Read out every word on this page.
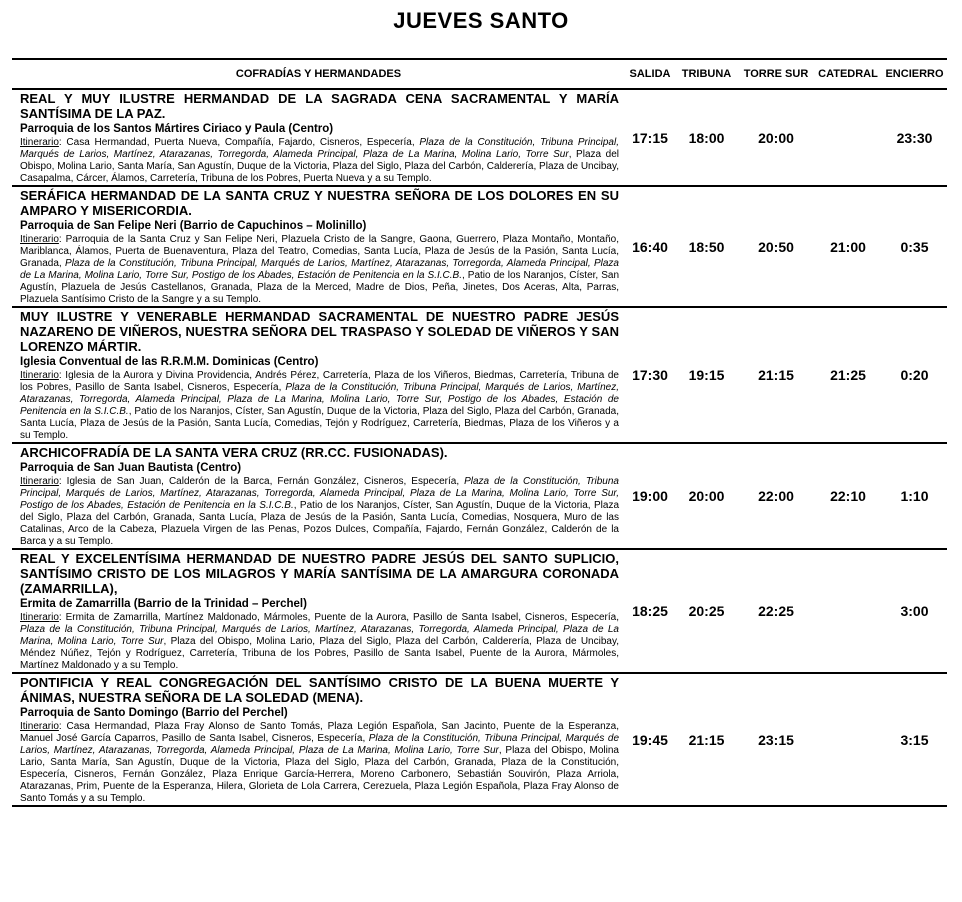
JUEVES SANTO
COFRADÍAS Y HERMANDADES	SALIDA	TRIBUNA	TORRE SUR	CATEDRAL	ENCIERRO

REAL Y MUY ILUSTRE HERMANDAD DE LA SAGRADA CENA SACRAMENTAL Y MARÍA SANTÍSIMA DE LA PAZ.
Parroquia de los Santos Mártires Ciriaco y Paula (Centro)
Itinerario: Casa Hermandad, Puerta Nueva, Compañía, Fajardo, Cisneros, Especería, Plaza de la Constitución, Tribuna Principal, Marqués de Larios, Martínez, Atarazanas, Torregorda, Alameda Principal, Plaza de La Marina, Molina Lario, Torre Sur, Plaza del Obispo, Molina Lario, Santa María, San Agustín, Duque de la Victoria, Plaza del Siglo, Plaza del Carbón, Calderería, Plaza de Uncibay, Casapalma, Cárcer, Álamos, Carretería, Tribuna de los Pobres, Puerta Nueva y a su Templo.	17:15	18:00	20:00		23:30

SERÁFICA HERMANDAD DE LA SANTA CRUZ Y NUESTRA SEÑORA DE LOS DOLORES EN SU AMPARO Y MISERICORDIA.
Parroquia de San Felipe Neri (Barrio de Capuchinos – Molinillo)
Itinerario: Parroquia de la Santa Cruz y San Felipe Neri, Plazuela Cristo de la Sangre, Gaona, Guerrero, Plaza Montaño, Montaño, Mariblanca, Álamos, Puerta de Buenaventura, Plaza del Teatro, Comedias, Santa Lucía, Plaza de Jesús de la Pasión, Santa Lucía, Granada, Plaza de la Constitución, Tribuna Principal, Marqués de Larios, Martínez, Atarazanas, Torregorda, Alameda Principal, Plaza de La Marina, Molina Lario, Torre Sur, Postigo de los Abades, Estación de Penitencia en la S.I.C.B., Patio de los Naranjos, Císter, San Agustín, Plazuela de Jesús Castellanos, Granada, Plaza de la Merced, Madre de Dios, Peña, Jinetes, Dos Aceras, Alta, Parras, Plazuela Santísimo Cristo de la Sangre y a su Templo.	16:40	18:50	20:50	21:00	0:35

MUY ILUSTRE Y VENERABLE HERMANDAD SACRAMENTAL DE NUESTRO PADRE JESÚS NAZARENO DE VIÑEROS, NUESTRA SEÑORA DEL TRASPASO Y SOLEDAD DE VIÑEROS Y SAN LORENZO MÁRTIR.
Iglesia Conventual de las R.R.M.M. Dominicas (Centro)
Itinerario: Iglesia de la Aurora y Divina Providencia, Andrés Pérez, Carretería, Plaza de los Viñeros, Biedmas, Carretería, Tribuna de los Pobres, Pasillo de Santa Isabel, Cisneros, Especería, Plaza de la Constitución, Tribuna Principal, Marqués de Larios, Martínez, Atarazanas, Torregorda, Alameda Principal, Plaza de La Marina, Molina Lario, Torre Sur, Postigo de los Abades, Estación de Penitencia en la S.I.C.B., Patio de los Naranjos, Císter, San Agustín, Duque de la Victoria, Plaza del Siglo, Plaza del Carbón, Granada, Santa Lucía, Plaza de Jesús de la Pasión, Santa Lucía, Comedias, Tejón y Rodríguez, Carretería, Biedmas, Plaza de los Viñeros y a su Templo.	17:30	19:15	21:15	21:25	0:20

ARCHICOFRADÍA DE LA SANTA VERA CRUZ (RR.CC. FUSIONADAS).
Parroquia de San Juan Bautista (Centro)
Itinerario: Iglesia de San Juan, Calderón de la Barca, Fernán González, Cisneros, Especería, Plaza de la Constitución, Tribuna Principal, Marqués de Larios, Martínez, Atarazanas, Torregorda, Alameda Principal, Plaza de La Marina, Molina Lario, Torre Sur, Postigo de los Abades, Estación de Penitencia en la S.I.C.B., Patio de los Naranjos, Císter, San Agustín, Duque de la Victoria, Plaza del Siglo, Plaza del Carbón, Granada, Santa Lucía, Plaza de Jesús de la Pasión, Santa Lucía, Comedias, Nosquera, Muro de las Catalinas, Arco de la Cabeza, Plazuela Virgen de las Penas, Pozos Dulces, Compañía, Fajardo, Fernán González, Calderón de la Barca y a su Templo.	19:00	20:00	22:00	22:10	1:10

REAL Y EXCELENTÍSIMA HERMANDAD DE NUESTRO PADRE JESÚS DEL SANTO SUPLICIO, SANTÍSIMO CRISTO DE LOS MILAGROS Y MARÍA SANTÍSIMA DE LA AMARGURA CORONADA (ZAMARRILLA),
Ermita de Zamarrilla (Barrio de la Trinidad – Perchel)
Itinerario: Ermita de Zamarrilla, Martínez Maldonado, Mármoles, Puente de la Aurora, Pasillo de Santa Isabel, Cisneros, Especería, Plaza de la Constitución, Tribuna Principal, Marqués de Larios, Martínez, Atarazanas, Torregorda, Alameda Principal, Plaza de La Marina, Molina Lario, Torre Sur, Plaza del Obispo, Molina Lario, Plaza del Siglo, Plaza del Carbón, Calderería, Plaza de Uncibay, Méndez Núñez, Tejón y Rodríguez, Carretería, Tribuna de los Pobres, Pasillo de Santa Isabel, Puente de la Aurora, Mármoles, Martínez Maldonado y a su Templo.	18:25	20:25	22:25		3:00

PONTIFICIA Y REAL CONGREGACIÓN DEL SANTÍSIMO CRISTO DE LA BUENA MUERTE Y ÁNIMAS, NUESTRA SEÑORA DE LA SOLEDAD (MENA).
Parroquia de Santo Domingo (Barrio del Perchel)
Itinerario: Casa Hermandad, Plaza Fray Alonso de Santo Tomás, Plaza Legión Española, San Jacinto, Puente de la Esperanza, Manuel José García Caparros, Pasillo de Santa Isabel, Cisneros, Especería, Plaza de la Constitución, Tribuna Principal, Marqués de Larios, Martínez, Atarazanas, Torregorda, Alameda Principal, Plaza de La Marina, Molina Lario, Torre Sur, Plaza del Obispo, Molina Lario, Santa María, San Agustín, Duque de la Victoria, Plaza del Siglo, Plaza del Carbón, Granada, Plaza de la Constitución, Especería, Cisneros, Fernán González, Plaza Enrique García-Herrera, Moreno Carbonero, Sebastián Souvirón, Plaza Arriola, Atarazanas, Prim, Puente de la Esperanza, Hilera, Glorieta de Lola Carrera, Cerezuela, Plaza Legión Española, Plaza Fray Alonso de Santo Tomás y a su Templo.	19:45	21:15	23:15		3:15
